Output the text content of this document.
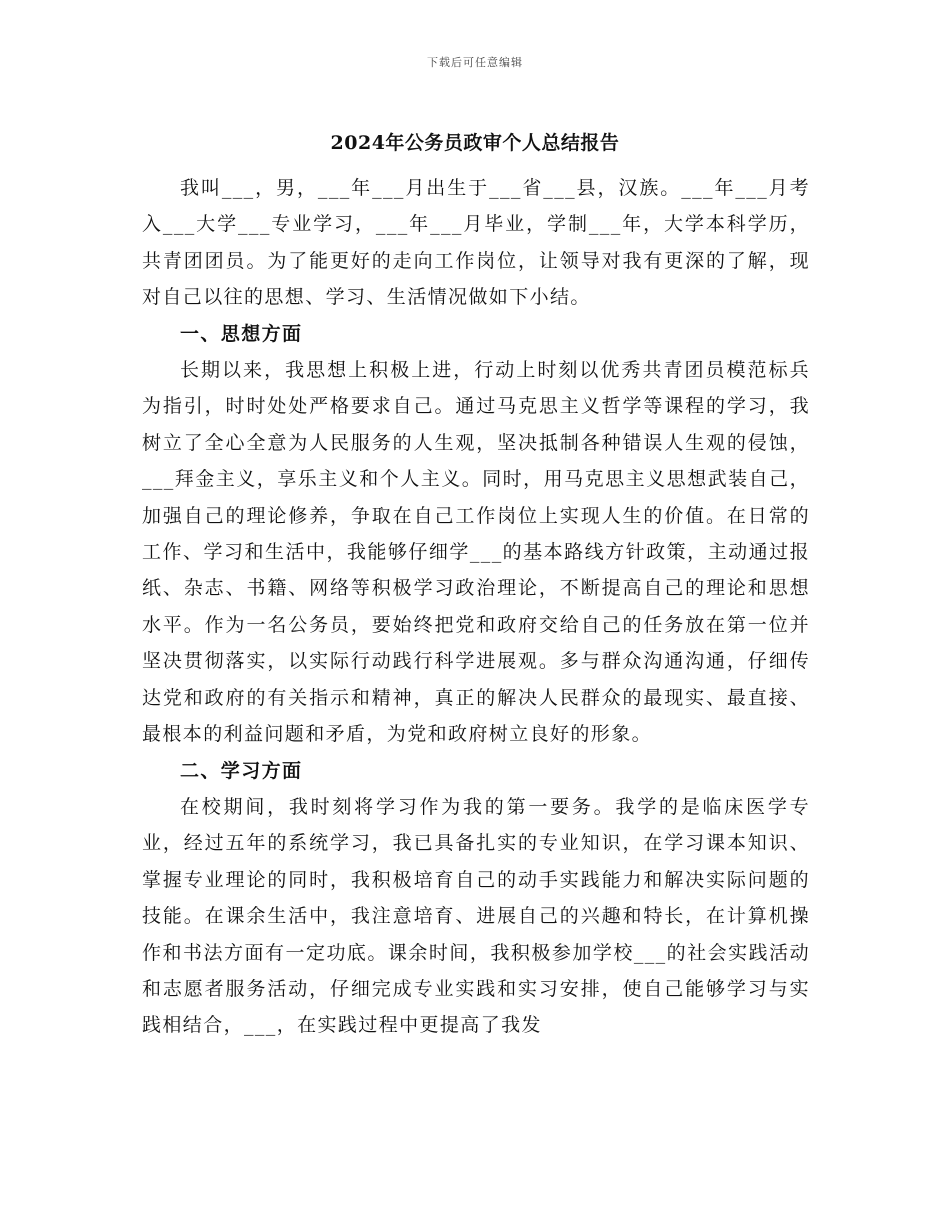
下载后可任意编辑
2024年公务员政审个人总结报告

我叫___，男，___年___月出生于___省___县，汉族。___年___月考入___大学___专业学习，___年___月毕业，学制___年，大学本科学历，共青团团员。为了能更好的走向工作岗位，让领导对我有更深的了解，现对自己以往的思想、学习、生活情况做如下小结。

一、思想方面

长期以来，我思想上积极上进，行动上时刻以优秀共青团员模范标兵为指引，时时处处严格要求自己。通过马克思主义哲学等课程的学习，我树立了全心全意为人民服务的人生观，坚决抵制各种错误人生观的侵蚀，___拜金主义，享乐主义和个人主义。同时，用马克思主义思想武装自己，加强自己的理论修养，争取在自己工作岗位上实现人生的价值。在日常的工作、学习和生活中，我能够仔细学___的基本路线方针政策，主动通过报纸、杂志、书籍、网络等积极学习政治理论，不断提高自己的理论和思想水平。作为一名公务员，要始终把党和政府交给自己的任务放在第一位并坚决贯彻落实，以实际行动践行科学进展观。多与群众沟通沟通，仔细传达党和政府的有关指示和精神，真正的解决人民群众的最现实、最直接、最根本的利益问题和矛盾，为党和政府树立良好的形象。

二、学习方面

在校期间，我时刻将学习作为我的第一要务。我学的是临床医学专业，经过五年的系统学习，我已具备扎实的专业知识，在学习课本知识、掌握专业理论的同时，我积极培育自己的动手实践能力和解决实际问题的技能。在课余生活中，我注意培育、进展自己的兴趣和特长，在计算机操作和书法方面有一定功底。课余时间，我积极参加学校___的社会实践活动和志愿者服务活动，仔细完成专业实践和实习安排，使自己能够学习与实践相结合，___，在实践过程中更提高了我发
